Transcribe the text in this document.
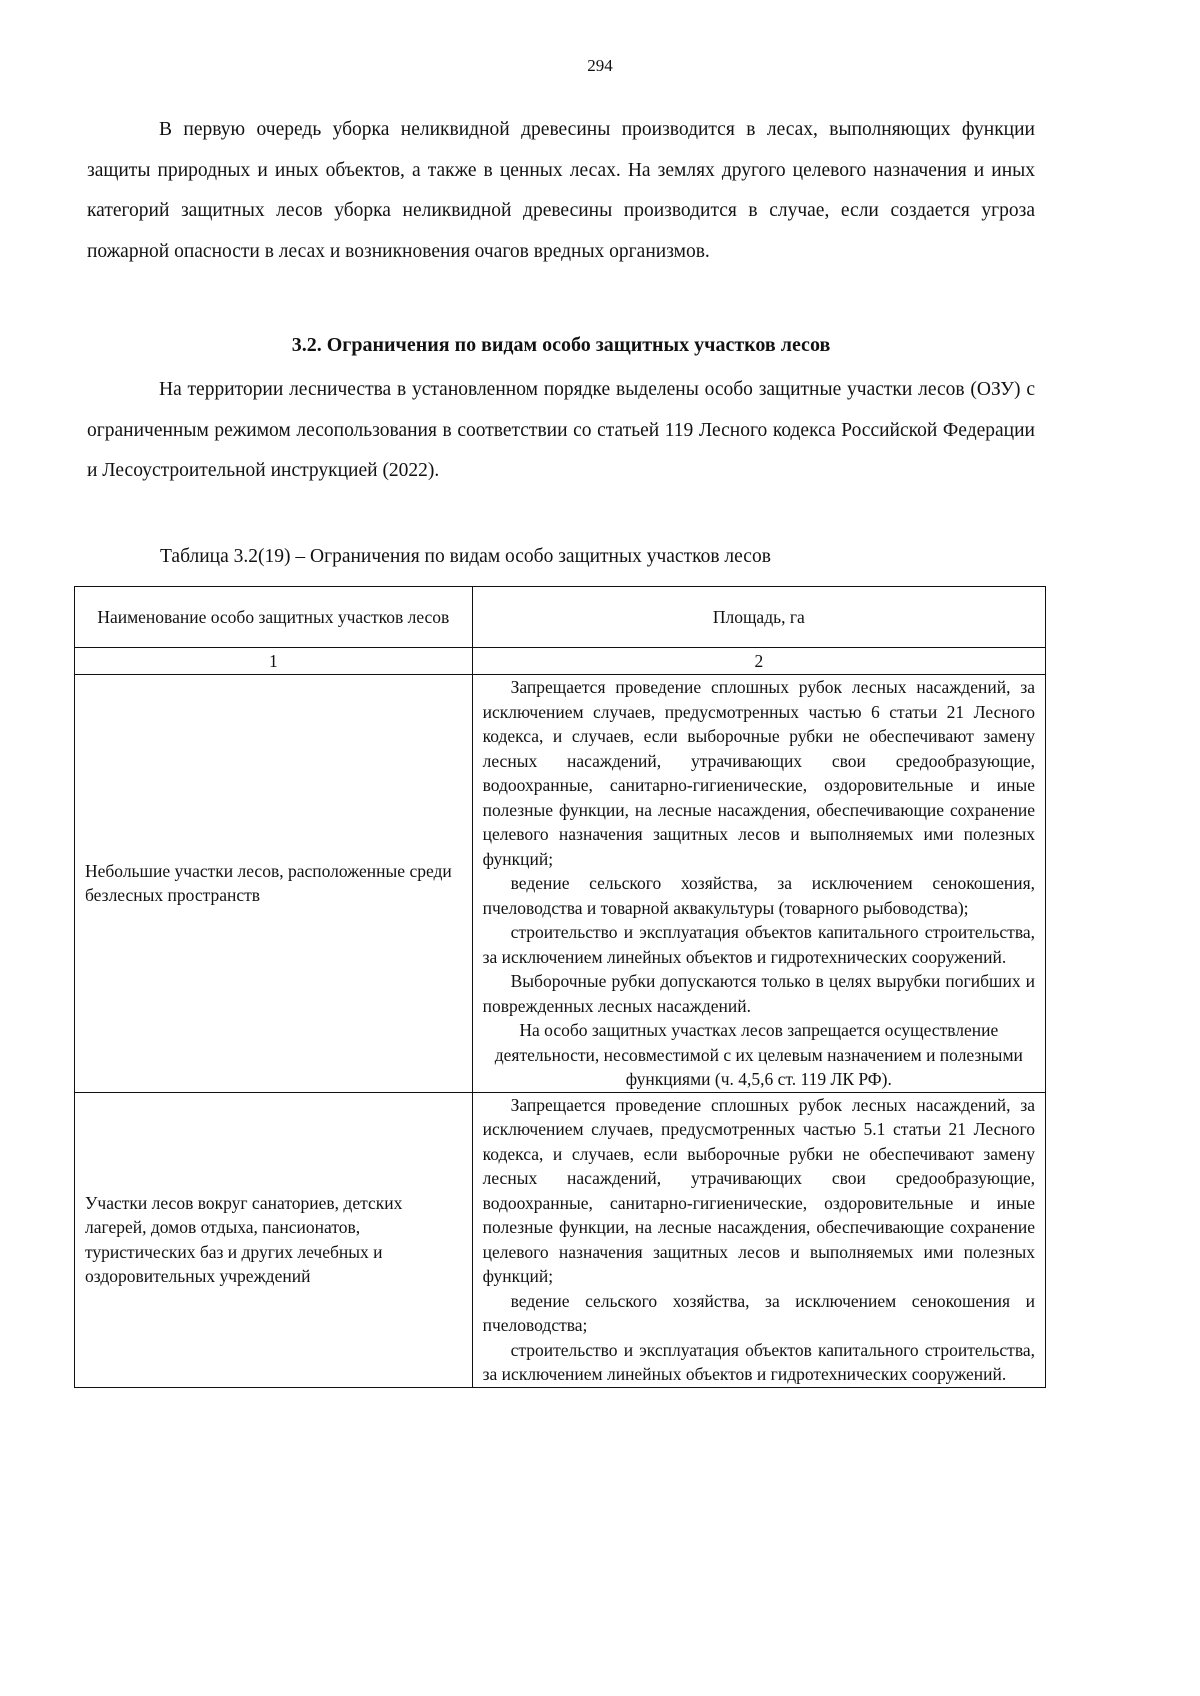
294

В первую очередь уборка неликвидной древесины производится в лесах, выполняющих функции защиты природных и иных объектов, а также в ценных лесах. На землях другого целевого назначения и иных категорий защитных лесов уборка неликвидной древесины производится в случае, если создается угроза пожарной опасности в лесах и возникновения очагов вредных организмов.

3.2. Ограничения по видам особо защитных участков лесов

На территории лесничества в установленном порядке выделены особо защитные участки лесов (ОЗУ) с ограниченным режимом лесопользования в соответствии со статьей 119 Лесного кодекса Российской Федерации и Лесоустроительной инструкцией (2022).

Таблица 3.2(19) – Ограничения по видам особо защитных участков лесов

Наименование особо защитных участков лесов	Площадь, га
1	2
Небольшие участки лесов, расположенные среди безлесных пространств	Запрещается проведение сплошных рубок лесных насаждений, за исключением случаев, предусмотренных частью 6 статьи 21 Лесного кодекса, и случаев, если выборочные рубки не обеспечивают замену лесных насаждений, утрачивающих свои средообразующие, водоохранные, санитарно-гигиенические, оздоровительные и иные полезные функции, на лесные насаждения, обеспечивающие сохранение целевого назначения защитных лесов и выполняемых ими полезных функций;

ведение сельского хозяйства, за исключением сенокошения, пчеловодства и товарной аквакультуры (товарного рыбоводства);

строительство и эксплуатация объектов капитального строительства, за исключением линейных объектов и гидротехнических сооружений.

Выборочные рубки допускаются только в целях вырубки погибших и поврежденных лесных насаждений.

На особо защитных участках лесов запрещается осуществление деятельности, несовместимой с их целевым назначением и полезными функциями (ч. 4,5,6 ст. 119 ЛК РФ).

Участки лесов вокруг санаториев, детских лагерей, домов отдыха, пансионатов, туристических баз и других лечебных и оздоровительных учреждений	Запрещается проведение сплошных рубок лесных насаждений, за исключением случаев, предусмотренных частью 5.1 статьи 21 Лесного кодекса, и случаев, если выборочные рубки не обеспечивают замену лесных насаждений, утрачивающих свои средообразующие, водоохранные, санитарно-гигиенические, оздоровительные и иные полезные функции, на лесные насаждения, обеспечивающие сохранение целевого назначения защитных лесов и выполняемых ими полезных функций;

ведение сельского хозяйства, за исключением сенокошения и пчеловодства;

строительство и эксплуатация объектов капитального строительства, за исключением линейных объектов и гидротехнических сооружений.
